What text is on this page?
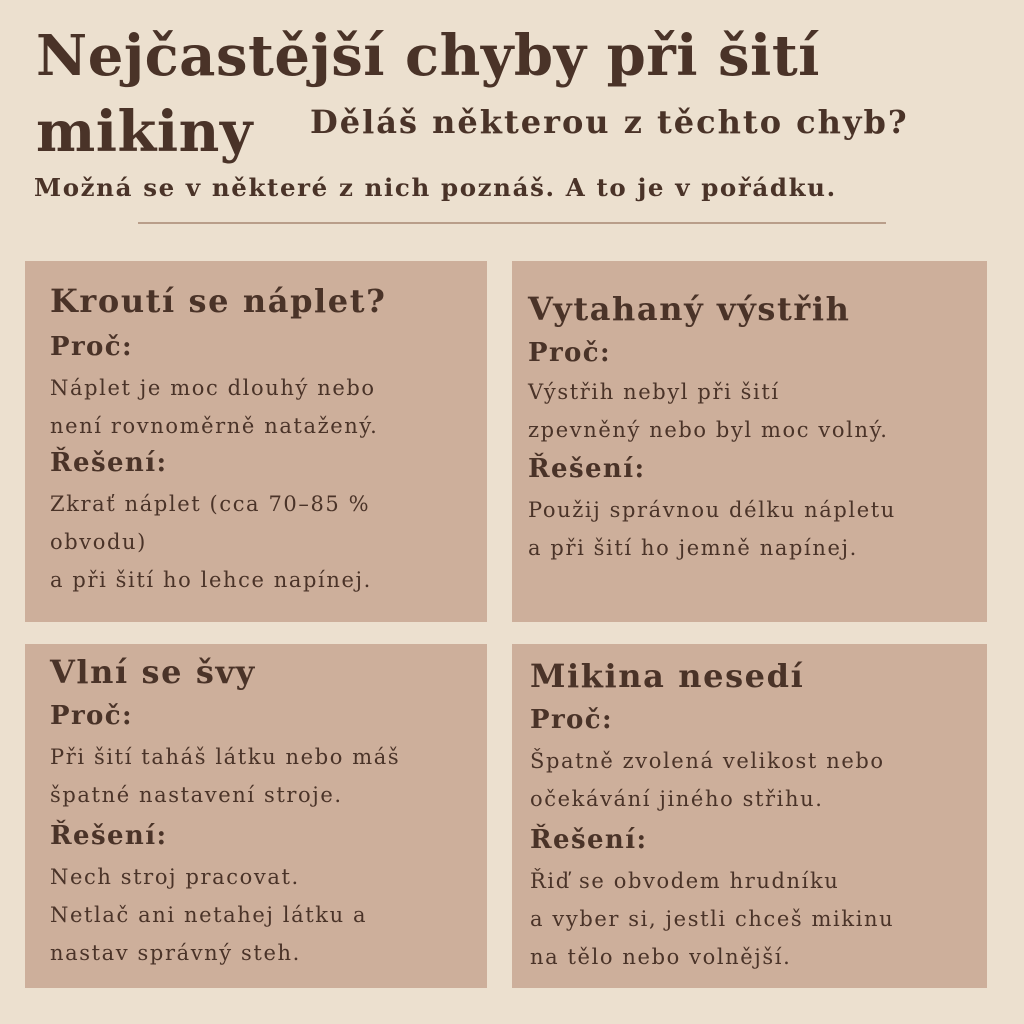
Nejčastější chyby při šití mikiny	Děláš některou z těchto chyb?

Možná se v některé z nich poznáš. A to je v pořádku.

Kroutí se náplet?

Proč:

Náplet je moc dlouhý nebo

není rovnoměrně natažený.

Řešení:

Zkrať náplet (cca 70–85 %

obvodu)

a při šití ho lehce napínej.

Vytahaný výstřih

Proč:

Výstřih nebyl při šití

zpevněný nebo byl moc volný.

Řešení:

Použij správnou délku nápletu

a při šití ho jemně napínej.

Vlní se švy

Proč:

Při šití taháš látku nebo máš

špatné nastavení stroje.

Řešení:

Nech stroj pracovat.

Netlač ani netahej látku a

nastav správný steh.

Mikina nesedí

Proč:

Špatně zvolená velikost nebo

očekávání jiného střihu.

Řešení:

Řiď se obvodem hrudníku

a vyber si, jestli chceš mikinu

na tělo nebo volnější.
